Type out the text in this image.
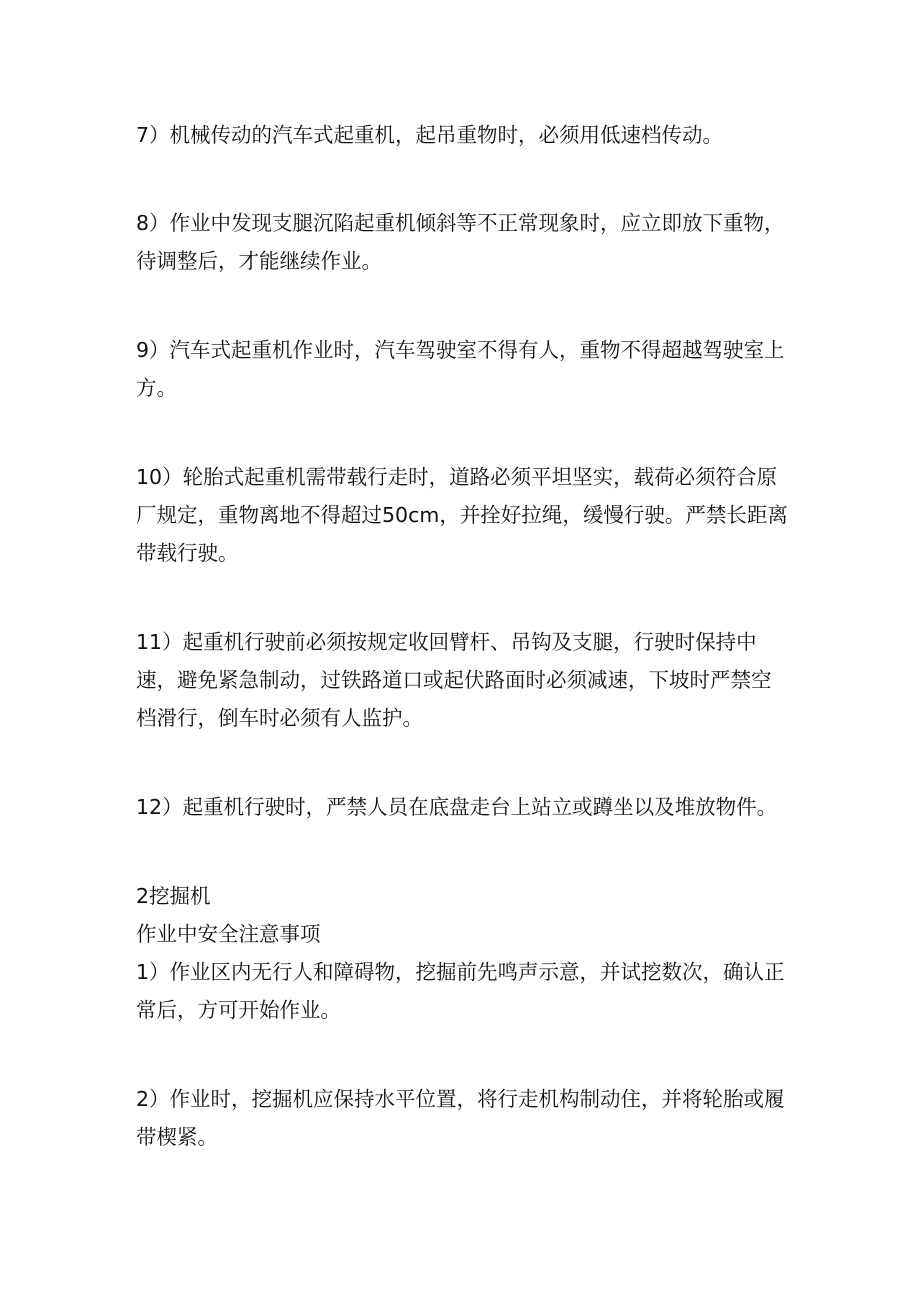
7）机械传动的汽车式起重机，起吊重物时，必须用低速档传动。

8）作业中发现支腿沉陷起重机倾斜等不正常现象时，应立即放下重物，待调整后，才能继续作业。

9）汽车式起重机作业时，汽车驾驶室不得有人，重物不得超越驾驶室上方。

10）轮胎式起重机需带载行走时，道路必须平坦坚实，载荷必须符合原厂规定，重物离地不得超过50cm，并拴好拉绳，缓慢行驶。严禁长距离带载行驶。

11）起重机行驶前必须按规定收回臂杆、吊钩及支腿，行驶时保持中速，避免紧急制动，过铁路道口或起伏路面时必须减速，下坡时严禁空档滑行，倒车时必须有人监护。

12）起重机行驶时，严禁人员在底盘走台上站立或蹲坐以及堆放物件。

2挖掘机

作业中安全注意事项

1）作业区内无行人和障碍物，挖掘前先鸣声示意，并试挖数次，确认正常后，方可开始作业。

2）作业时，挖掘机应保持水平位置，将行走机构制动住，并将轮胎或履带楔紧。
